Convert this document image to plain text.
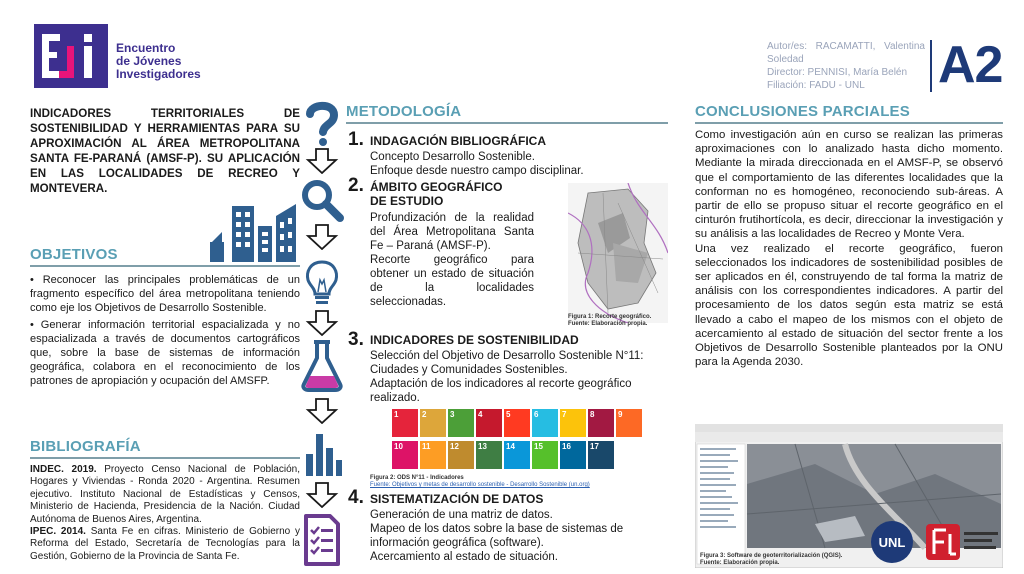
Encuentro
de Jóvenes
Investigadores
Autor/es: RACAMATTI, Valentina Soledad
Director: PENNISI, María Belén
Filiación: FADU - UNL	A2
INDICADORES TERRITORIALES DE SOSTENIBILIDAD Y HERRAMIENTAS PARA SU APROXIMACIÓN AL ÁREA METROPOLITANA SANTA FE-PARANÁ (AMSF-P). SU APLICACIÓN EN LAS LOCALIDADES DE RECREO Y MONTEVERA.
OBJETIVOS
• Reconocer las principales problemáticas de un fragmento específico del área metropolitana teniendo como eje los Objetivos de Desarrollo Sostenible.
• Generar información territorial espacializada y no espacializada a través de documentos cartográficos que, sobre la base de sistemas de información geográfica, colabora en el reconocimiento de los patrones de apropiación y ocupación del AMSFP.
BIBLIOGRAFÍA
INDEC. 2019. Proyecto Censo Nacional de Población, Hogares y Viviendas - Ronda 2020 - Argentina. Resumen ejecutivo. Instituto Nacional de Estadísticas y Censos, Ministerio de Hacienda, Presidencia de la Nación. Ciudad Autónoma de Buenos Aires, Argentina.
IPEC. 2014. Santa Fe en cifras. Ministerio de Gobierno y Reforma del Estado, Secretaría de Tecnologías para la Gestión, Gobierno de la Provincia de Santa Fe.
METODOLOGÍA
1. INDAGACIÓN BIBLIOGRÁFICA
Concepto Desarrollo Sostenible.
Enfoque desde nuestro campo disciplinar.
2. ÁMBITO GEOGRÁFICO
DE ESTUDIO
Profundización de la realidad del Área Metropolitana Santa Fe – Paraná (AMSF-P).
Recorte geográfico para obtener un estado de situación de la localidades seleccionadas.
Figura 1: Recorte geográfico.
Fuente: Elaboración propia.
3. INDICADORES DE SOSTENIBILIDAD
Selección del Objetivo de Desarrollo Sostenible N°11: Ciudades y Comunidades Sostenibles.
Adaptación de los indicadores al recorte geográfico realizado.
1	2	3	4	5	6	7	8	9
10	11	12	13	14	15	16	17
Figura 2: ODS N°11 - Indicadores
Fuente: Objetivos y metas de desarrollo sostenible - Desarrollo Sostenible (un.org)
4. SISTEMATIZACIÓN DE DATOS
Generación de una matriz de datos.
Mapeo de los datos sobre la base de sistemas de información geográfica (software).
Acercamiento al estado de situación.
CONCLUSIONES PARCIALES
Como investigación aún en curso se realizan las primeras aproximaciones con lo analizado hasta dicho momento. Mediante la mirada direccionada en el AMSF-P, se observó que el comportamiento de las diferentes localidades que la conforman no es homogéneo, reconociendo sub-áreas. A partir de ello se propuso situar el recorte geográfico en el cinturón frutihortícola, es decir, direccionar la investigación y su análisis a las localidades de Recreo y Monte Vera.
Una vez realizado el recorte geográfico, fueron seleccionados los indicadores de sostenibilidad posibles de ser aplicados en él, construyendo de tal forma la matriz de análisis con los correspondientes indicadores. A partir del procesamiento de los datos según esta matriz se está llevado a cabo el mapeo de los mismos con el objeto de acercamiento al estado de situación del sector frente a los Objetivos de Desarrollo Sostenible planteados por la ONU para la Agenda 2030.
Figura 3: Software de geoterritorialización (QGIS).
Fuente: Elaboración propia.
UNL
